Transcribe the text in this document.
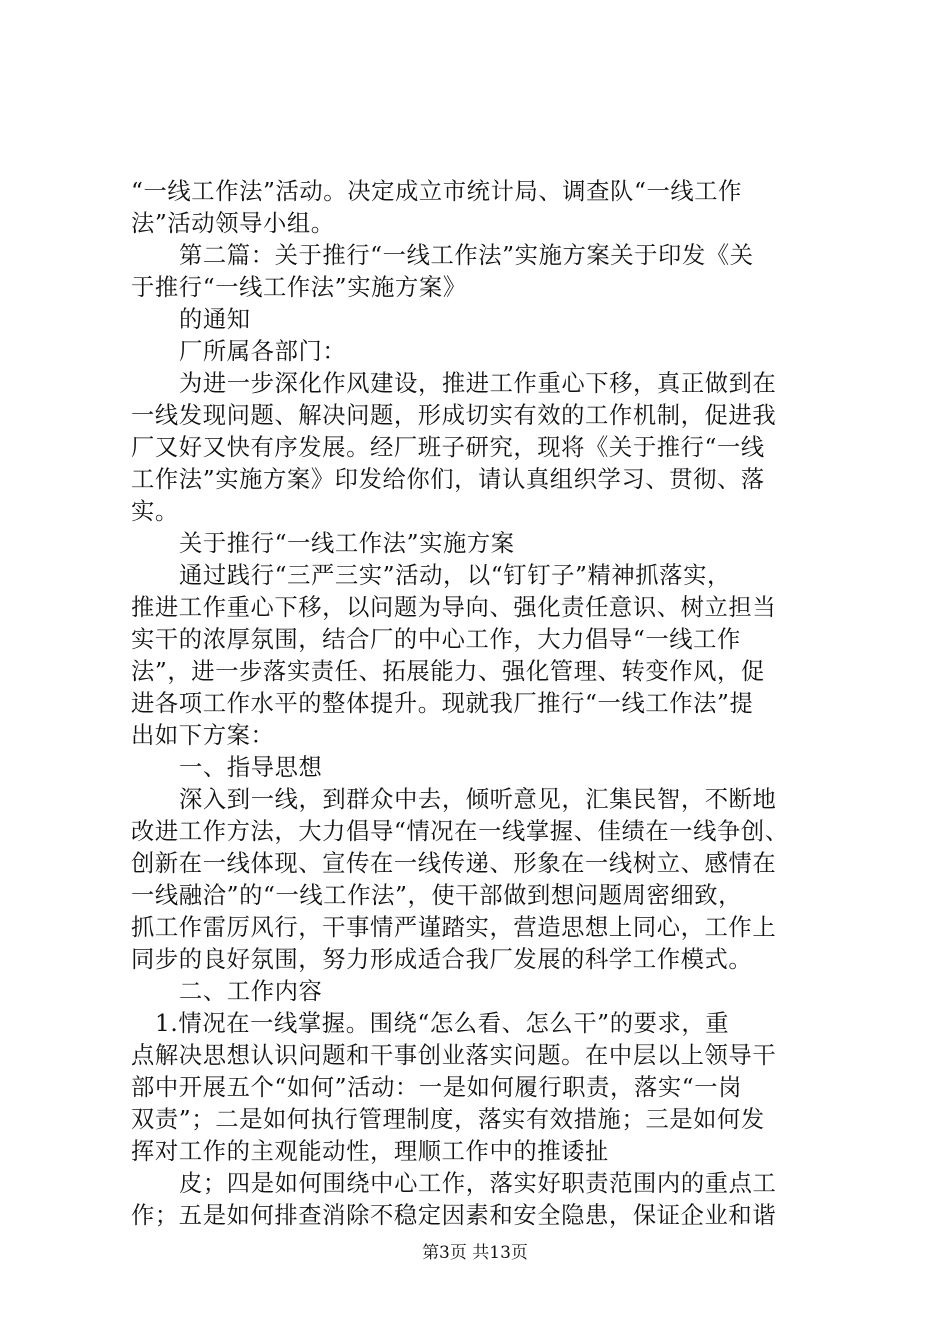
“一线工作法”活动。决定成立市统计局、调查队“一线工作
法”活动领导小组。
第二篇：关于推行“一线工作法”实施方案关于印发《关
于推行“一线工作法”实施方案》
的通知
厂所属各部门：
为进一步深化作风建设，推进工作重心下移，真正做到在
一线发现问题、解决问题，形成切实有效的工作机制，促进我
厂又好又快有序发展。经厂班子研究，现将《关于推行“一线
工作法”实施方案》印发给你们，请认真组织学习、贯彻、落
实。
关于推行“一线工作法”实施方案
通过践行“三严三实”活动，以“钉钉子”精神抓落实，
推进工作重心下移，以问题为导向、强化责任意识、树立担当
实干的浓厚氛围，结合厂的中心工作，大力倡导“一线工作
法”，进一步落实责任、拓展能力、强化管理、转变作风，促
进各项工作水平的整体提升。现就我厂推行“一线工作法”提
出如下方案：
一、指导思想
深入到一线，到群众中去，倾听意见，汇集民智，不断地
改进工作方法，大力倡导“情况在一线掌握、佳绩在一线争创、
创新在一线体现、宣传在一线传递、形象在一线树立、感情在
一线融洽”的“一线工作法”，使干部做到想问题周密细致，
抓工作雷厉风行，干事情严谨踏实，营造思想上同心，工作上
同步的良好氛围，努力形成适合我厂发展的科学工作模式。
二、工作内容
1.情况在一线掌握。围绕“怎么看、怎么干”的要求，重
点解决思想认识问题和干事创业落实问题。在中层以上领导干
部中开展五个“如何”活动：一是如何履行职责，落实“一岗
双责”；二是如何执行管理制度，落实有效措施；三是如何发
挥对工作的主观能动性，理顺工作中的推诿扯
皮；四是如何围绕中心工作，落实好职责范围内的重点工
作；五是如何排查消除不稳定因素和安全隐患，保证企业和谐
第3页 共13页
